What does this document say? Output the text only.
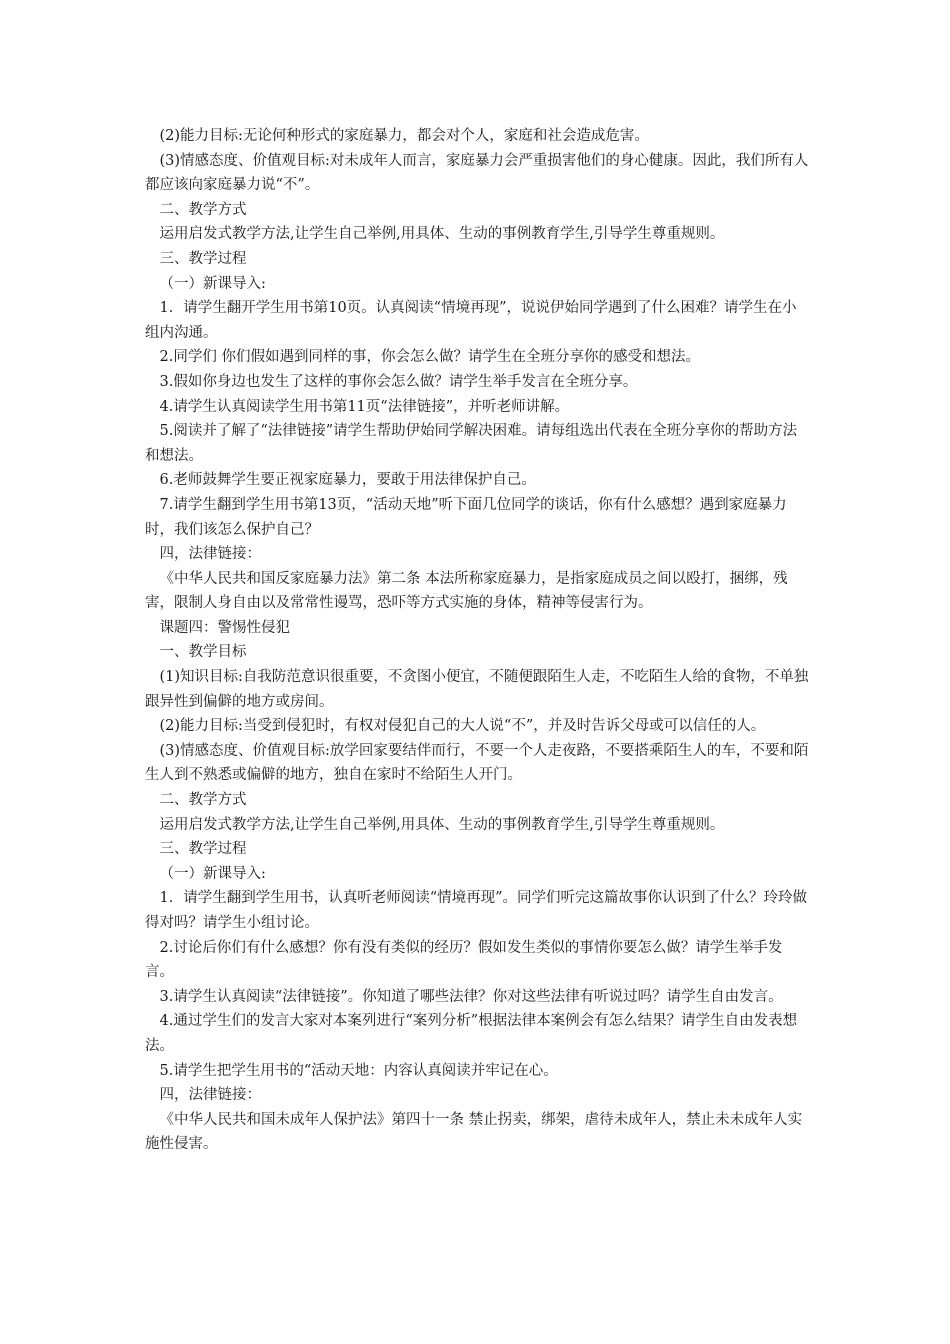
(2)能力目标:无论何种形式的家庭暴力，都会对个人，家庭和社会造成危害。

(3)情感态度、价值观目标:对未成年人而言，家庭暴力会严重损害他们的身心健康。因此，我们所有人都应该向家庭暴力说“不”。

二、教学方式

运用启发式教学方法,让学生自己举例,用具体、生动的事例教育学生,引导学生尊重规则。

三、教学过程

（一）新课导入:

1．请学生翻开学生用书第10页。认真阅读“情境再现”，说说伊始同学遇到了什么困难？请学生在小组内沟通。

2.同学们 你们假如遇到同样的事，你会怎么做？请学生在全班分享你的感受和想法。

3.假如你身边也发生了这样的事你会怎么做？请学生举手发言在全班分享。

4.请学生认真阅读学生用书第11页“法律链接”，并听老师讲解。

5.阅读并了解了“法律链接”请学生帮助伊始同学解决困难。请每组选出代表在全班分享你的帮助方法和想法。

6.老师鼓舞学生要正视家庭暴力，要敢于用法律保护自己。

7.请学生翻到学生用书第13页，“活动天地”听下面几位同学的谈话，你有什么感想？遇到家庭暴力时，我们该怎么保护自己？

四，法律链接：

《中华人民共和国反家庭暴力法》第二条 本法所称家庭暴力，是指家庭成员之间以殴打，捆绑，残害，限制人身自由以及常常性谩骂，恐吓等方式实施的身体，精神等侵害行为。

课题四：警惕性侵犯

一、教学目标

(1)知识目标:自我防范意识很重要，不贪图小便宜，不随便跟陌生人走，不吃陌生人给的食物，不单独跟异性到偏僻的地方或房间。

(2)能力目标:当受到侵犯时，有权对侵犯自己的大人说“不”，并及时告诉父母或可以信任的人。

(3)情感态度、价值观目标:放学回家要结伴而行，不要一个人走夜路，不要搭乘陌生人的车，不要和陌生人到不熟悉或偏僻的地方，独自在家时不给陌生人开门。

二、教学方式

运用启发式教学方法,让学生自己举例,用具体、生动的事例教育学生,引导学生尊重规则。

三、教学过程

（一）新课导入:

1．请学生翻到学生用书，认真听老师阅读“情境再现”。同学们听完这篇故事你认识到了什么？玲玲做得对吗？请学生小组讨论。

2.讨论后你们有什么感想？你有没有类似的经历？假如发生类似的事情你要怎么做？请学生举手发言。

3.请学生认真阅读“法律链接”。你知道了哪些法律？你对这些法律有听说过吗？请学生自由发言。

4.通过学生们的发言大家对本案列进行“案列分析”根据法律本案例会有怎么结果？请学生自由发表想法。

5.请学生把学生用书的“活动天地：内容认真阅读并牢记在心。

四，法律链接：

《中华人民共和国未成年人保护法》第四十一条 禁止拐卖，绑架，虐待未成年人，禁止未未成年人实施性侵害。
